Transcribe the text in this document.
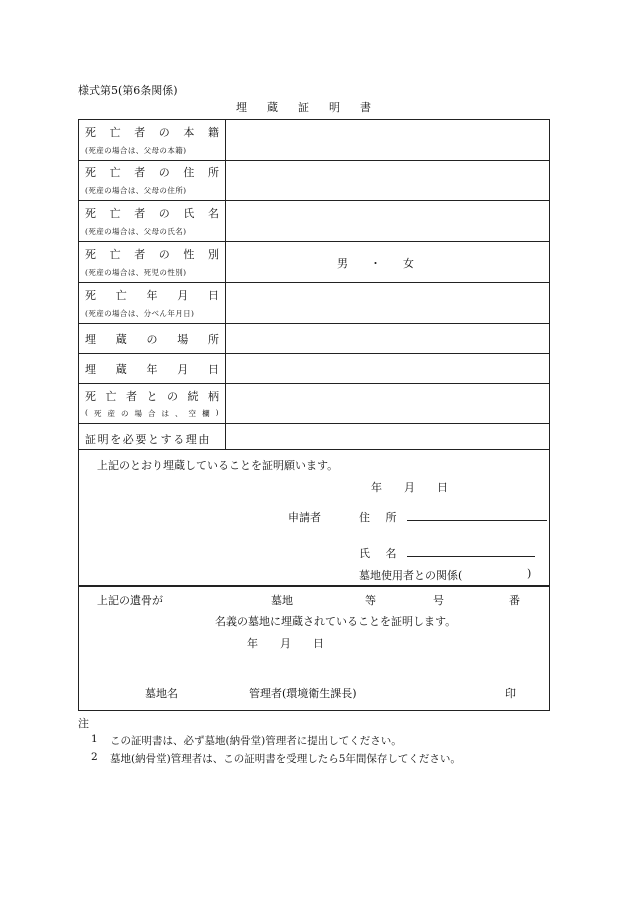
様式第5(第6条関係)
埋蔵証明書
死 亡 者 の 本 籍
(死産の場合は、父母の本籍)
死 亡 者 の 住 所
(死産の場合は、父母の住所)
死 亡 者 の 氏 名
(死産の場合は、父母の氏名)
死 亡 者 の 性 別
(死産の場合は、死児の性別)
男　　・　　女
死 亡 年 月 日
(死産の場合は、分べん年月日)
埋 蔵 の 場 所
埋 蔵 年 月 日
死 亡 者 と の 続 柄
( 死 産 の 場 合 は 、 空 欄 )
証明を必要とする理由
上記のとおり埋蔵していることを証明願います。
年　　月　　日
申請者	住 所
氏 名
墓地使用者との関係(	)
上記の遺骨が	墓地	等	号	番
名義の墓地に埋蔵されていることを証明します。
年　　月　　日
墓地名	管理者(環境衛生課長)	印
注
1 この証明書は、必ず墓地(納骨堂)管理者に提出してください。
2 墓地(納骨堂)管理者は、この証明書を受理したら5年間保存してください。
